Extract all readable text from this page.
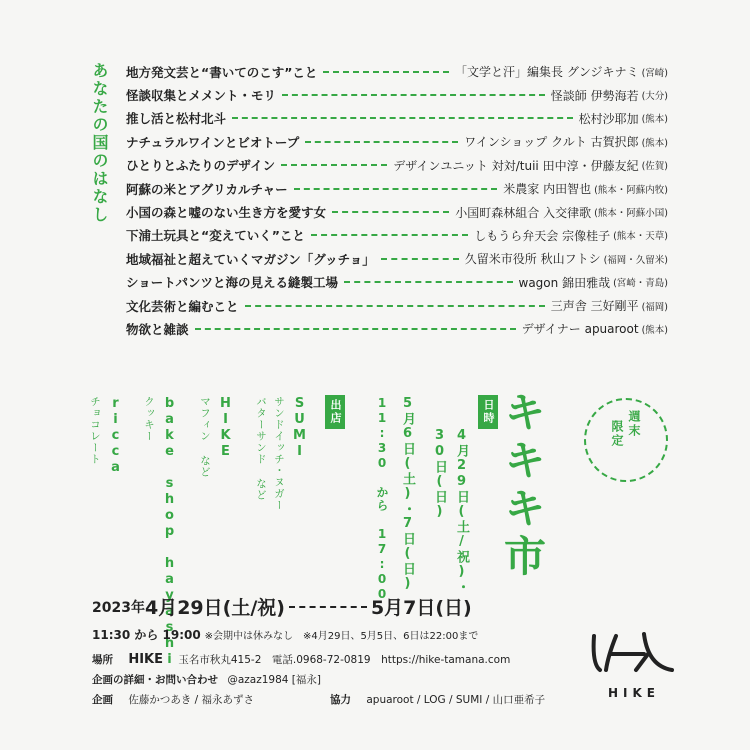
あなたの国のはなし 地方発文芸と“書いてのこす”こと	「文学と汗」編集長 グンジキナミ (宮崎)
怪談収集とメメント・モリ	怪談師 伊勢海若 (大分)
推し活と松村北斗	松村沙耶加 (熊本)
ナチュラルワインとビオトープ	ワインショップ クルト 古賀択郎 (熊本)
ひとりとふたりのデザイン	デザインユニット 対対/tuii 田中淳・伊藤友紀 (佐賀)
阿蘇の米とアグリカルチャー	米農家 内田智也 (熊本・阿蘇内牧)
小国の森と嘘のない生き方を愛す女	小国町森林組合 入交律歌 (熊本・阿蘇小国)
下浦土玩具と“変えていく”こと	しもうら弁天会 宗像桂子 (熊本・天草)
地域福祉と超えていくマガジン「グッチョ」	久留米市役所 秋山フトシ (福岡・久留米)
ショートパンツと海の見える縫製工場	wagon 錦田雅哉 (宮崎・青島)
文化芸術と編むこと	三声舎 三好剛平 (福岡)
物欲と雑談	デザイナー apuaroot (熊本)
キキキ市	週末
限定
日時
4月29日(土/祝)・
30日(日)
5月6日(土)・7日(日)
11:30 から 17:00
出店
SUMI
サンドイッチ・ヌガー
バターサンド など
HIKE
マフィン など
bake shop hayashi
クッキー
ricca
チョコレート
2023年 4月29日(土/祝)	5月7日(日)
11:30 から 19:00 ※会期中は休みなし　※4月29日、5月5日、6日は22:00まで
場所 HIKE 玉名市秋丸415-2　電話.0968-72-0819　https://hike-tamana.com
企画の詳細・お問い合わせ @azaz1984 [福永]
企画 佐藤かつあき / 福永あずさ	協力 apuaroot / LOG / SUMI / 山口亜希子	HIKE
